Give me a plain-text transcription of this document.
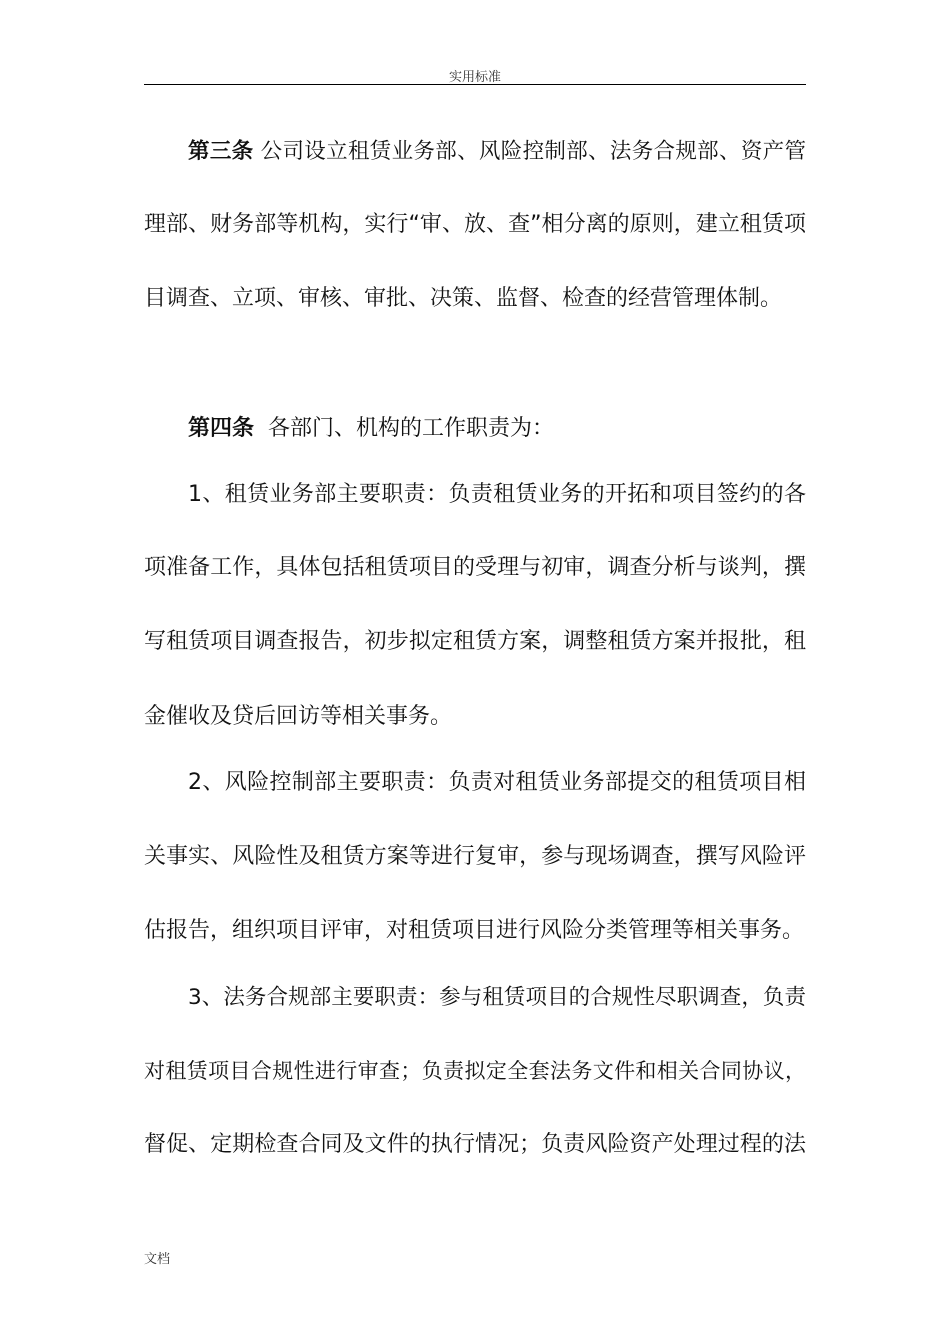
实用标准
第三条 公司设立租赁业务部、风险控制部、法务合规部、资产管
理部、财务部等机构，实行“审、放、查”相分离的原则，建立租赁项
目调查、立项、审核、审批、决策、监督、检查的经营管理体制。
第四条 各部门、机构的工作职责为：
1、租赁业务部主要职责：负责租赁业务的开拓和项目签约的各
项准备工作，具体包括租赁项目的受理与初审，调查分析与谈判，撰
写租赁项目调查报告，初步拟定租赁方案，调整租赁方案并报批，租
金催收及贷后回访等相关事务。
2、风险控制部主要职责：负责对租赁业务部提交的租赁项目相
关事实、风险性及租赁方案等进行复审，参与现场调查，撰写风险评
估报告，组织项目评审，对租赁项目进行风险分类管理等相关事务。
3、法务合规部主要职责：参与租赁项目的合规性尽职调查，负责
对租赁项目合规性进行审查；负责拟定全套法务文件和相关合同协议，
督促、定期检查合同及文件的执行情况；负责风险资产处理过程的法
文档
